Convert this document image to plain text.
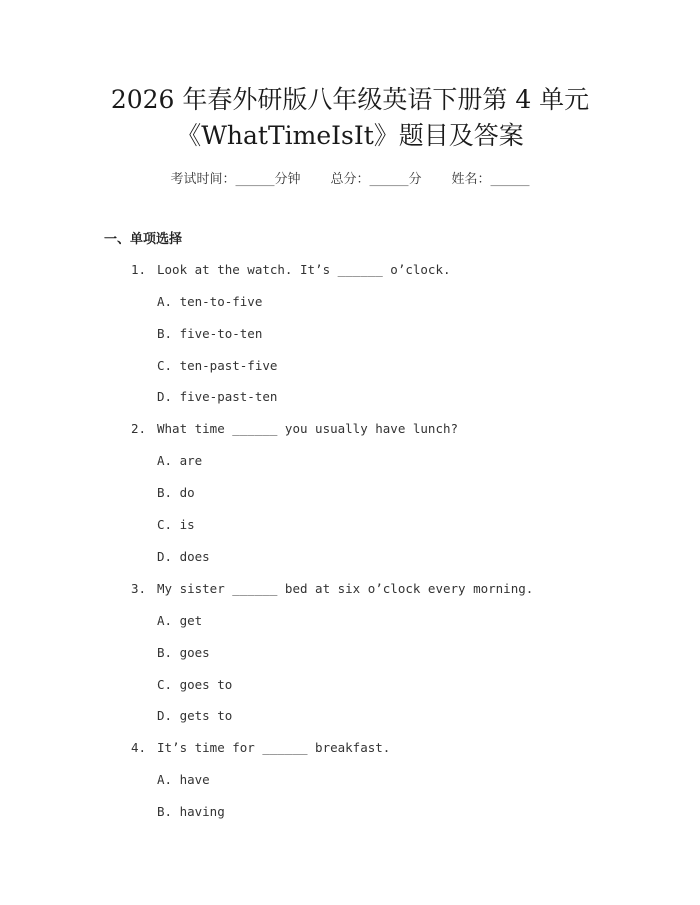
2026 年春外研版八年级英语下册第 4 单元
《WhatTimeIsIt》题目及答案
考试时间：______分钟 总分：______分 姓名：______
一、单项选择
1. Look at the watch. It’s ______ o’clock.
A. ten-to-five
B. five-to-ten
C. ten-past-five
D. five-past-ten
2. What time ______ you usually have lunch?
A. are
B. do
C. is
D. does
3. My sister ______ bed at six o’clock every morning.
A. get
B. goes
C. goes to
D. gets to
4. It’s time for ______ breakfast.
A. have
B. having
